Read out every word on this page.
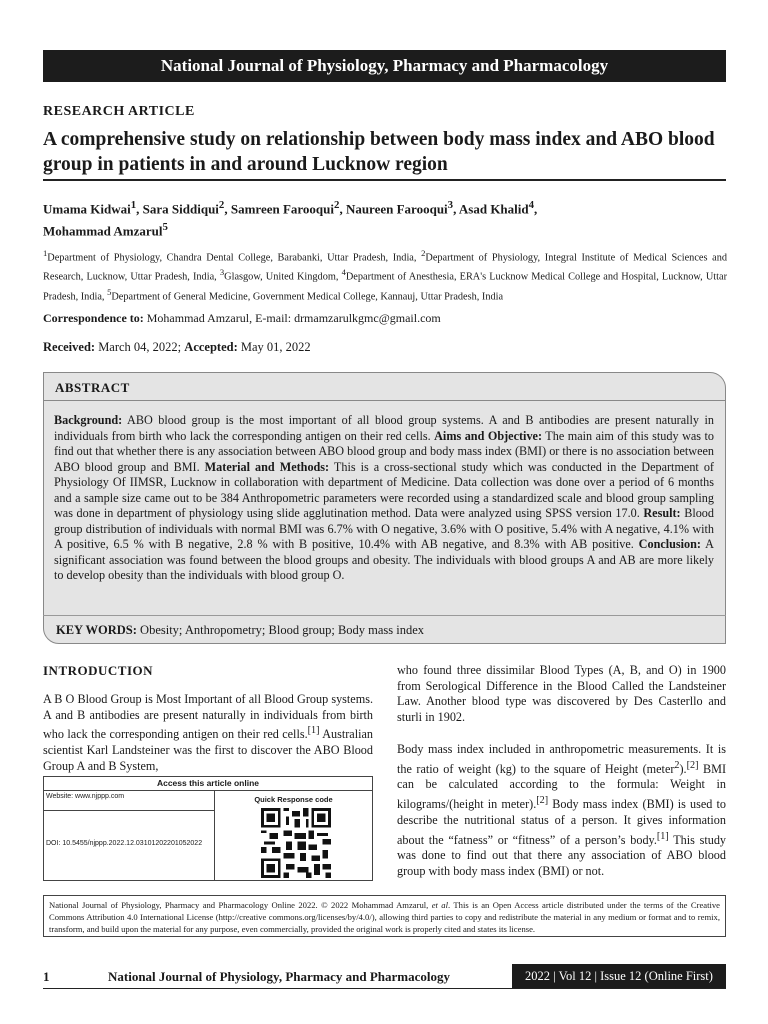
National Journal of Physiology, Pharmacy and Pharmacology
RESEARCH ARTICLE
A comprehensive study on relationship between body mass index and ABO blood group in patients in and around Lucknow region
Umama Kidwai$^1$, Sara Siddiqui$^2$, Samreen Farooqui$^2$, Naureen Farooqui$^3$, Asad Khalid$^4$,
Mohammad Amzarul$^5$
$^1$Department of Physiology, Chandra Dental College, Barabanki, Uttar Pradesh, India, $^2$Department of Physiology, Integral Institute of Medical Sciences and Research, Lucknow, Uttar Pradesh, India, $^3$Glasgow, United Kingdom, $^4$Department of Anesthesia, ERA's Lucknow Medical College and Hospital, Lucknow, Uttar Pradesh, India, $^5$Department of General Medicine, Government Medical College, Kannauj, Uttar Pradesh, India
Correspondence to: Mohammad Amzarul, E-mail: drmamzarulkgmc@gmail.com
Received: March 04, 2022; Accepted: May 01, 2022
ABSTRACT
Background: ABO blood group is the most important of all blood group systems. A and B antibodies are present naturally in individuals from birth who lack the corresponding antigen on their red cells. Aims and Objective: The main aim of this study was to find out that whether there is any association between ABO blood group and body mass index (BMI) or there is no association between ABO blood group and BMI. Material and Methods: This is a cross-sectional study which was conducted in the Department of Physiology Of IIMSR, Lucknow in collaboration with department of Medicine. Data collection was done over a period of 6 months and a sample size came out to be 384 Anthropometric parameters were recorded using a standardized scale and blood group sampling was done in department of physiology using slide agglutination method. Data were analyzed using SPSS version 17.0. Result: Blood group distribution of individuals with normal BMI was 6.7% with O negative, 3.6% with O positive, 5.4% with A negative, 4.1% with A positive, 6.5 % with B negative, 2.8 % with B positive, 10.4% with AB negative, and 8.3% with AB positive. Conclusion: A significant association was found between the blood groups and obesity. The individuals with blood groups A and AB are more likely to develop obesity than the individuals with blood group O.
KEY WORDS: Obesity; Anthropometry; Blood group; Body mass index
INTRODUCTION
A B O Blood Group is Most Important of all Blood Group systems. A and B antibodies are present naturally in individuals from birth who lack the corresponding antigen on their red cells.[1] Australian scientist Karl Landsteiner was the first to discover the ABO Blood Group A and B System,
who found three dissimilar Blood Types (A, B, and O) in 1900 from Serological Difference in the Blood Called the Landsteiner Law. Another blood type was discovered by Des Casterllo and sturli in 1902.
Body mass index included in anthropometric measurements. It is the ratio of weight (kg) to the square of Height (meter$^2$).[2] BMI can be calculated according to the formula: Weight in kilograms/(height in meter).[2] Body mass index (BMI) is used to describe the nutritional status of a person. It gives information about the “fatness” or “fitness” of a person’s body.[1] This study was done to find out that there any association of ABO blood group with body mass index (BMI) or not.
Access this article online
Website: www.njppp.com
DOI: 10.5455/njppp.2022.12.03101202201052022
Quick Response code
National Journal of Physiology, Pharmacy and Pharmacology Online 2022. © 2022 Mohammad Amzarul, et al. This is an Open Access article distributed under the terms of the Creative Commons Attribution 4.0 International License (http://creative commons.org/licenses/by/4.0/), allowing third parties to copy and redistribute the material in any medium or format and to remix, transform, and build upon the material for any purpose, even commercially, provided the original work is properly cited and states its license.
1	National Journal of Physiology, Pharmacy and Pharmacology	2022 | Vol 12 | Issue 12 (Online First)
